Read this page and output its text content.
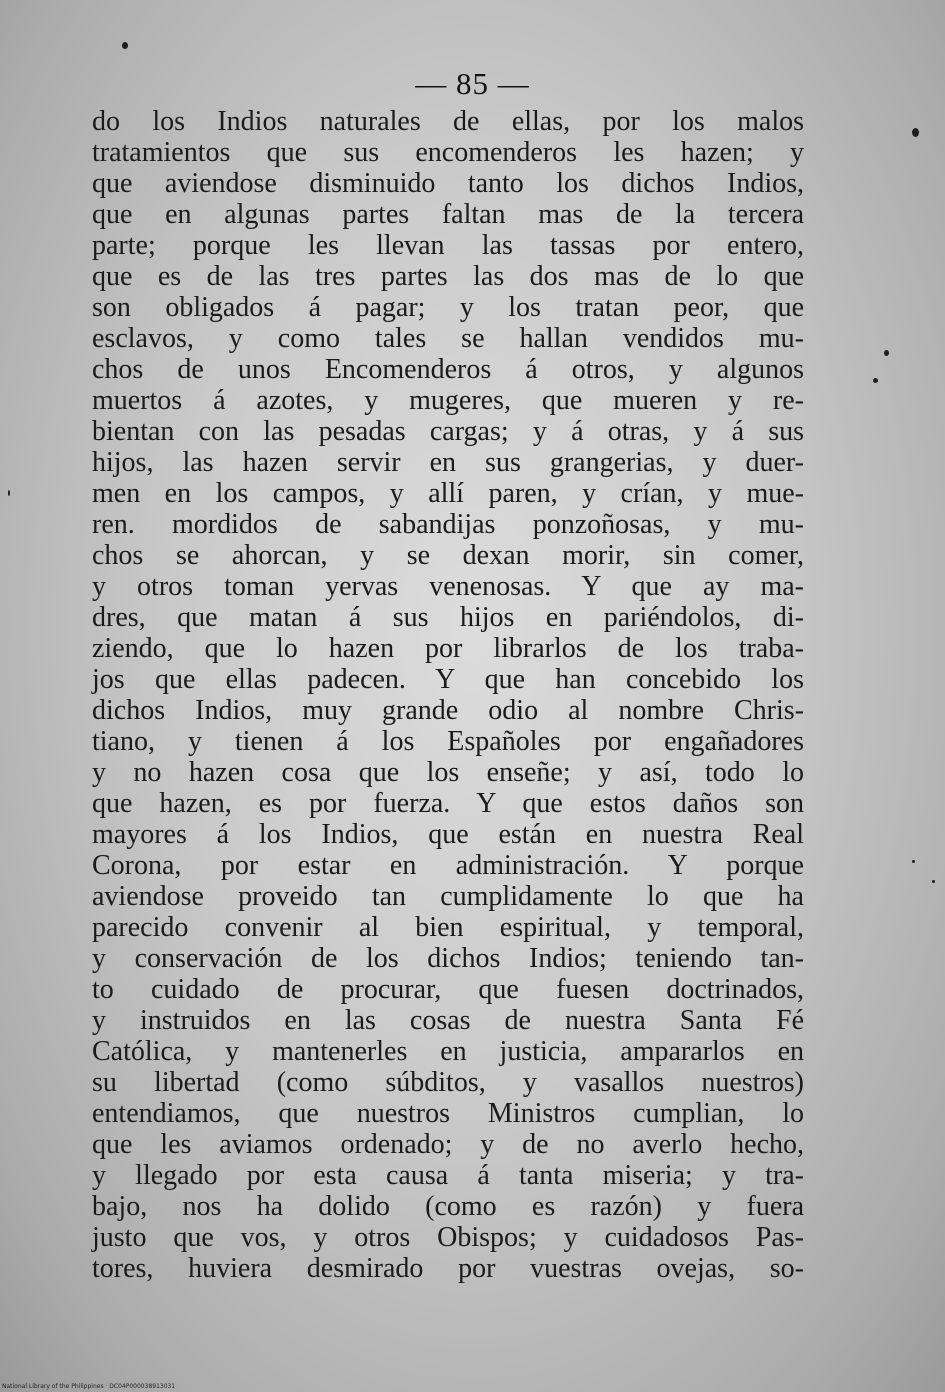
— 85 —
do los Indios naturales de ellas, por los malos
tratamientos que sus encomenderos les hazen; y
que aviendose disminuido tanto los dichos Indios,
que en algunas partes faltan mas de la tercera
parte; porque les llevan las tassas por entero,
que es de las tres partes las dos mas de lo que
son obligados á pagar; y los tratan peor, que
esclavos, y como tales se hallan vendidos mu-
chos de unos Encomenderos á otros, y algunos
muertos á azotes, y mugeres, que mueren y re-
bientan con las pesadas cargas; y á otras, y á sus
hijos, las hazen servir en sus grangerias, y duer-
men en los campos, y allí paren, y crían, y mue-
ren. mordidos de sabandijas ponzoñosas, y mu-
chos se ahorcan, y se dexan morir, sin comer,
y otros toman yervas venenosas. Y que ay ma-
dres, que matan á sus hijos en pariéndolos, di-
ziendo, que lo hazen por librarlos de los traba-
jos que ellas padecen. Y que han concebido los
dichos Indios, muy grande odio al nombre Chris-
tiano, y tienen á los Españoles por engañadores
y no hazen cosa que los enseñe; y así, todo lo
que hazen, es por fuerza. Y que estos daños son
mayores á los Indios, que están en nuestra Real
Corona, por estar en administración. Y porque
aviendose proveido tan cumplidamente lo que ha
parecido convenir al bien espiritual, y temporal,
y conservación de los dichos Indios; teniendo tan-
to cuidado de procurar, que fuesen doctrinados,
y instruidos en las cosas de nuestra Santa Fé
Católica, y mantenerles en justicia, ampararlos en
su libertad (como súbditos, y vasallos nuestros)
entendiamos, que nuestros Ministros cumplian, lo
que les aviamos ordenado; y de no averlo hecho,
y llegado por esta causa á tanta miseria; y tra-
bajo, nos ha dolido (como es razón) y fuera
justo que vos, y otros Obispos; y cuidadosos Pas-
tores, huviera desmirado por vuestras ovejas, so-
National Library of the Philippines · DC04P000038913031
